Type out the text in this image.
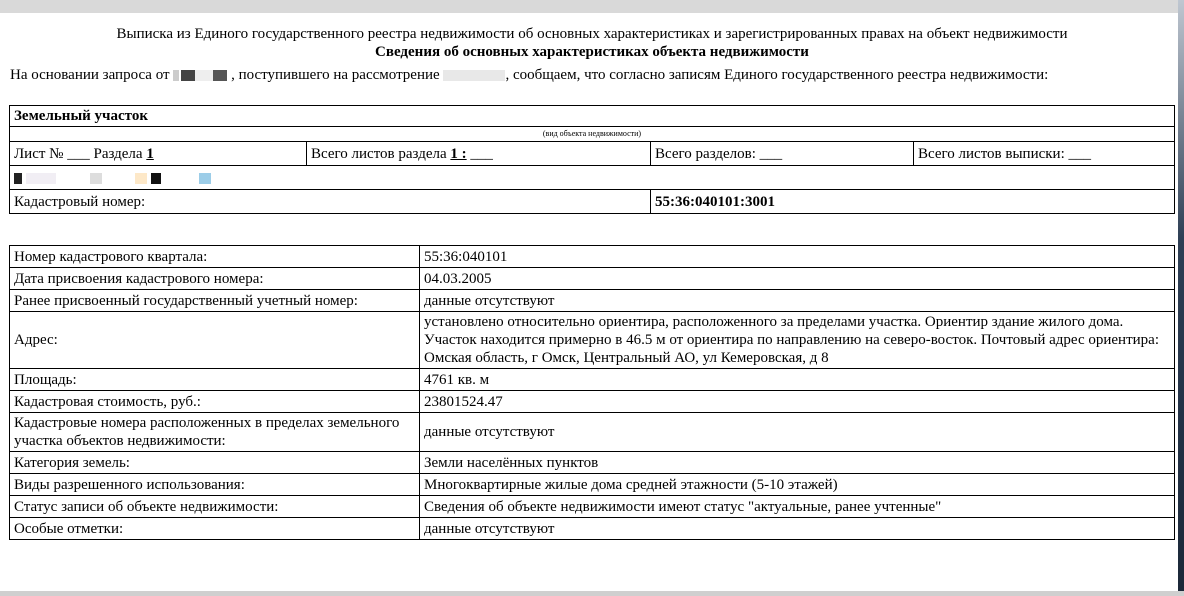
Выписка из Единого государственного реестра недвижимости об основных характеристиках и зарегистрированных правах на объект недвижимости
Сведения об основных характеристиках объекта недвижимости
На основании запроса от	, поступившего на рассмотрение	, сообщаем, что согласно записям Единого государственного реестра недвижимости:
Земельный участок			
(вид объекта недвижимости)			
Лист № ___ Раздела 1	Всего листов раздела 1 : ___	Всего разделов: ___	Всего листов выписки: ___

Кадастровый номер:		55:36:040101:3001	
Номер кадастрового квартала:	55:36:040101
Дата присвоения кадастрового номера:	04.03.2005
Ранее присвоенный государственный учетный номер:	данные отсутствуют
Адрес:	установлено относительно ориентира, расположенного за пределами участка. Ориентир здание жилого дома. Участок находится примерно в 46.5 м от ориентира по направлению на северо-восток. Почтовый адрес ориентира: Омская область, г Омск, Центральный АО, ул Кемеровская, д 8
Площадь:	4761 кв. м
Кадастровая стоимость, руб.:	23801524.47
Кадастровые номера расположенных в пределах земельного участка объектов недвижимости:	данные отсутствуют
Категория земель:	Земли населённых пунктов
Виды разрешенного использования:	Многоквартирные жилые дома средней этажности (5-10 этажей)
Статус записи об объекте недвижимости:	Сведения об объекте недвижимости имеют статус "актуальные, ранее учтенные"
Особые отметки:	данные отсутствуют
